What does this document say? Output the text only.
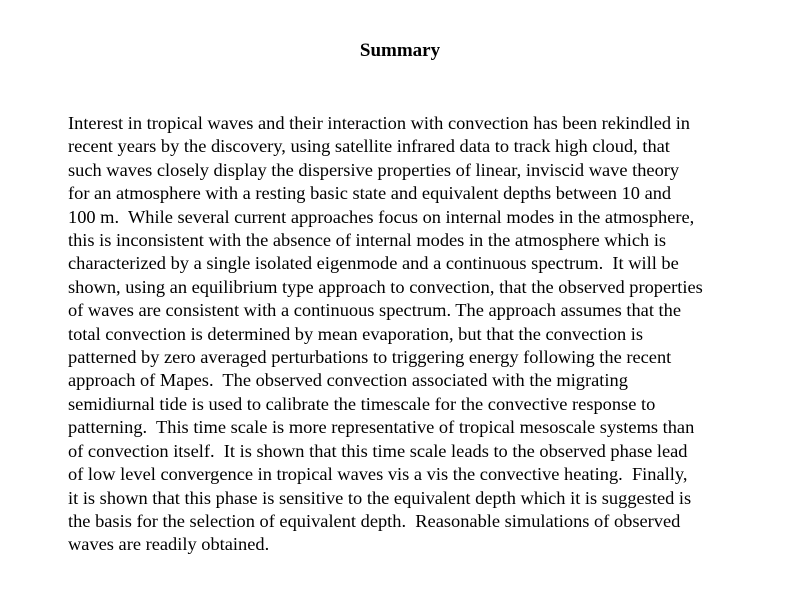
Summary
Interest in tropical waves and their interaction with convection has been rekindled in
recent years by the discovery, using satellite infrared data to track high cloud, that
such waves closely display the dispersive properties of linear, inviscid wave theory
for an atmosphere with a resting basic state and equivalent depths between 10 and
100 m.  While several current approaches focus on internal modes in the atmosphere,
this is inconsistent with the absence of internal modes in the atmosphere which is
characterized by a single isolated eigenmode and a continuous spectrum.  It will be
shown, using an equilibrium type approach to convection, that the observed properties
of waves are consistent with a continuous spectrum. The approach assumes that the
total convection is determined by mean evaporation, but that the convection is
patterned by zero averaged perturbations to triggering energy following the recent
approach of Mapes.  The observed convection associated with the migrating
semidiurnal tide is used to calibrate the timescale for the convective response to
patterning.  This time scale is more representative of tropical mesoscale systems than
of convection itself.  It is shown that this time scale leads to the observed phase lead
of low level convergence in tropical waves vis a vis the convective heating.  Finally,
it is shown that this phase is sensitive to the equivalent depth which it is suggested is
the basis for the selection of equivalent depth.  Reasonable simulations of observed
waves are readily obtained.
